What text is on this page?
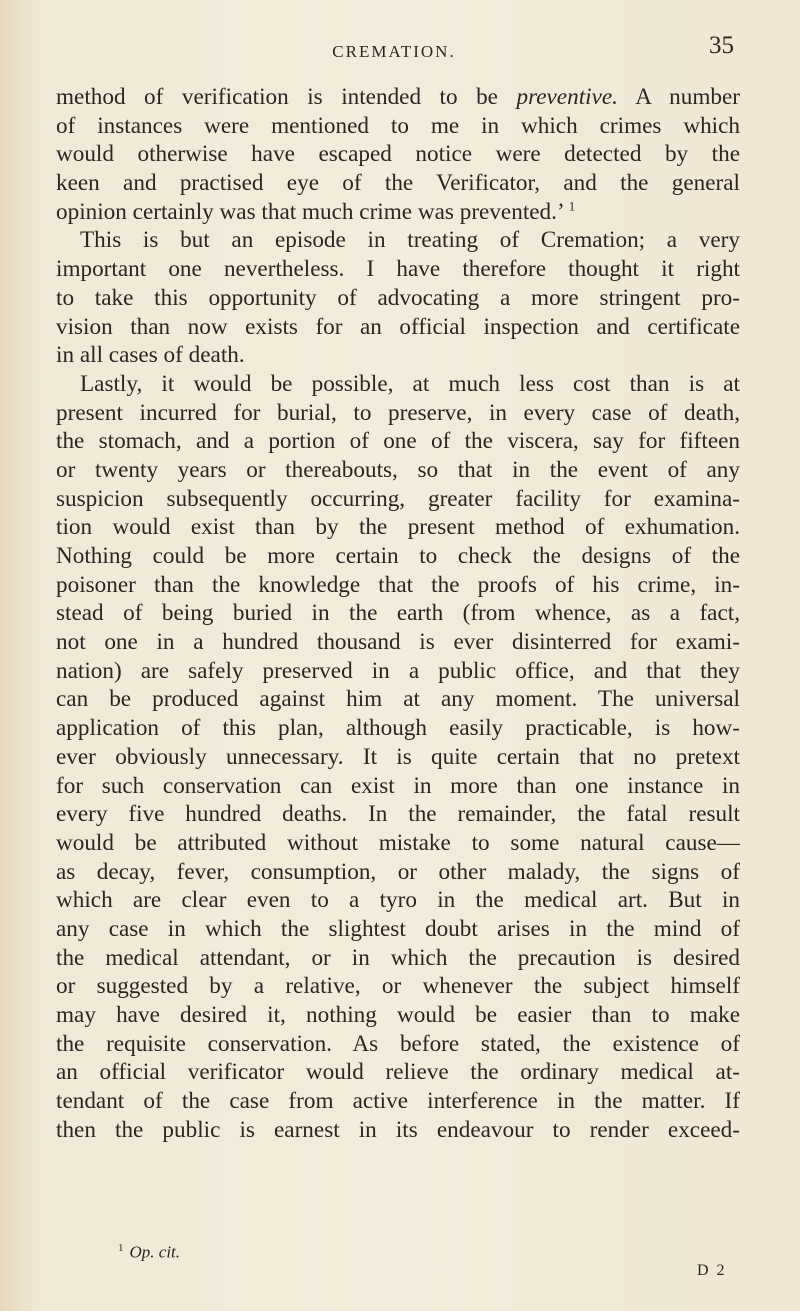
CREMATION.	35
method of verification is intended to be preventive. A number
of instances were mentioned to me in which crimes which
would otherwise have escaped notice were detected by the
keen and practised eye of the Verificator, and the general
opinion certainly was that much crime was prevented.’ $^1$
This is but an episode in treating of Cremation; a very
important one nevertheless. I have therefore thought it right
to take this opportunity of advocating a more stringent pro-
vision than now exists for an official inspection and certificate
in all cases of death.
Lastly, it would be possible, at much less cost than is at
present incurred for burial, to preserve, in every case of death,
the stomach, and a portion of one of the viscera, say for fifteen
or twenty years or thereabouts, so that in the event of any
suspicion subsequently occurring, greater facility for examina-
tion would exist than by the present method of exhumation.
Nothing could be more certain to check the designs of the
poisoner than the knowledge that the proofs of his crime, in-
stead of being buried in the earth (from whence, as a fact,
not one in a hundred thousand is ever disinterred for exami-
nation) are safely preserved in a public office, and that they
can be produced against him at any moment. The universal
application of this plan, although easily practicable, is how-
ever obviously unnecessary. It is quite certain that no pretext
for such conservation can exist in more than one instance in
every five hundred deaths. In the remainder, the fatal result
would be attributed without mistake to some natural cause—
as decay, fever, consumption, or other malady, the signs of
which are clear even to a tyro in the medical art. But in
any case in which the slightest doubt arises in the mind of
the medical attendant, or in which the precaution is desired
or suggested by a relative, or whenever the subject himself
may have desired it, nothing would be easier than to make
the requisite conservation. As before stated, the existence of
an official verificator would relieve the ordinary medical at-
tendant of the case from active interference in the matter. If
then the public is earnest in its endeavour to render exceed-
$^1$ Op. cit.
D 2
